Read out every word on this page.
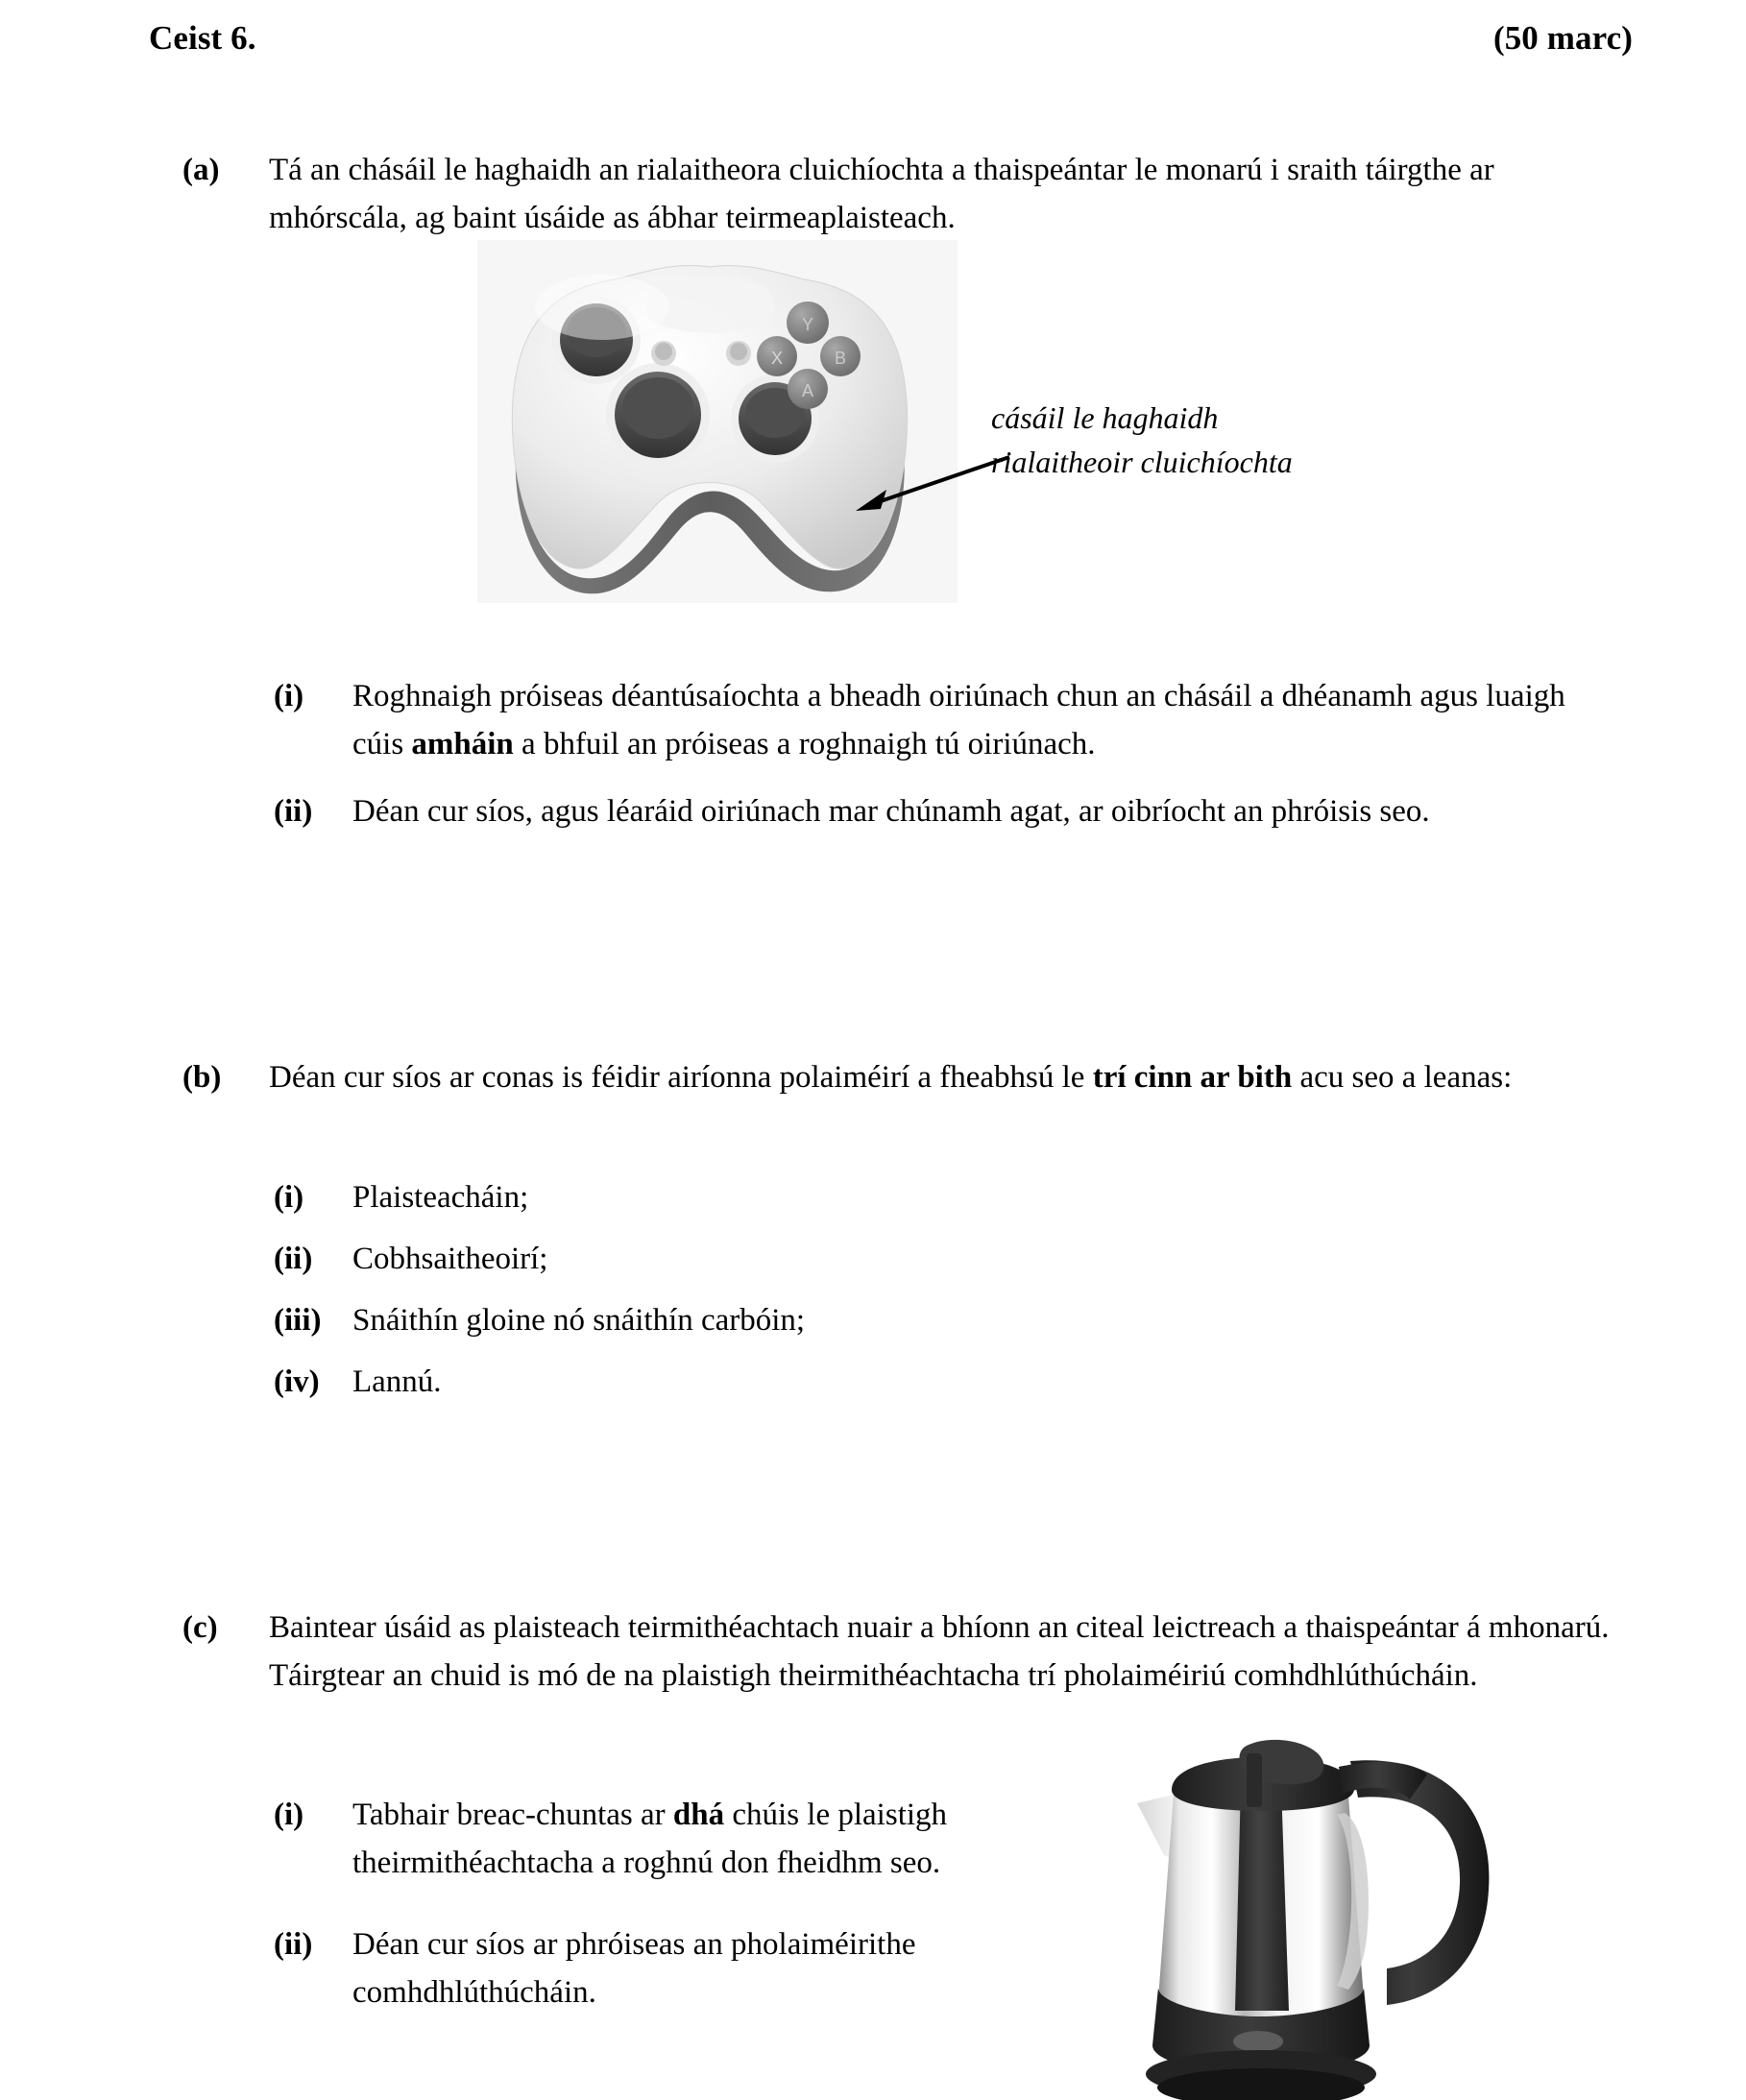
Ceist 6.	(50 marc)
(a)	Tá an chásáil le haghaidh an rialaitheora cluichíochta a thaispeántar le monarú i sraith táirgthe ar mhórscála, ag baint úsáide as ábhar teirmeaplaisteach.
Y
X	B
A
cásáil le haghaidh
rialaitheoir cluichíochta
(i)	Roghnaigh próiseas déantúsaíochta a bheadh oiriúnach chun an chásáil a dhéanamh agus luaigh cúis amháin a bhfuil an próiseas a roghnaigh tú oiriúnach.
(ii)	Déan cur síos, agus léaráid oiriúnach mar chúnamh agat, ar oibríocht an phróisis seo.
(b)	Déan cur síos ar conas is féidir airíonna polaiméirí a fheabhsú le trí cinn ar bith acu seo a leanas:
(i)	Plaisteacháin;
(ii)	Cobhsaitheoirí;
(iii) Snáithín gloine nó snáithín carbóin;
(iv)	Lannú.
(c)	Baintear úsáid as plaisteach teirmithéachtach nuair a bhíonn an citeal leictreach a thaispeántar á mhonarú. Táirgtear an chuid is mó de na plaistigh theirmithéachtacha trí pholaiméiriú comhdhlúthúcháin.
(i)	Tabhair breac-chuntas ar dhá chúis le plaistigh theirmithéachtacha a roghnú don fheidhm seo.
(ii)	Déan cur síos ar phróiseas an pholaiméirithe comhdhlúthúcháin.
